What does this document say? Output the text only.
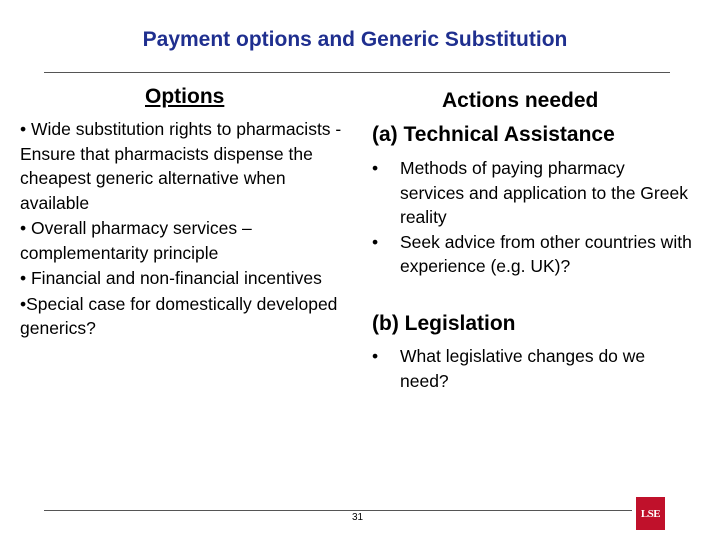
Payment options and Generic Substitution
Options
• Wide substitution rights to pharmacists - Ensure that pharmacists dispense the cheapest generic alternative when available
• Overall pharmacy services – complementarity principle
• Financial and non-financial incentives
•Special case for domestically developed generics?
Actions needed
(a) Technical Assistance
•	Methods of paying pharmacy services and application to the Greek reality
•	Seek advice from other countries with experience (e.g. UK)?
(b) Legislation
•	What legislative changes do we need?
31	LSE
